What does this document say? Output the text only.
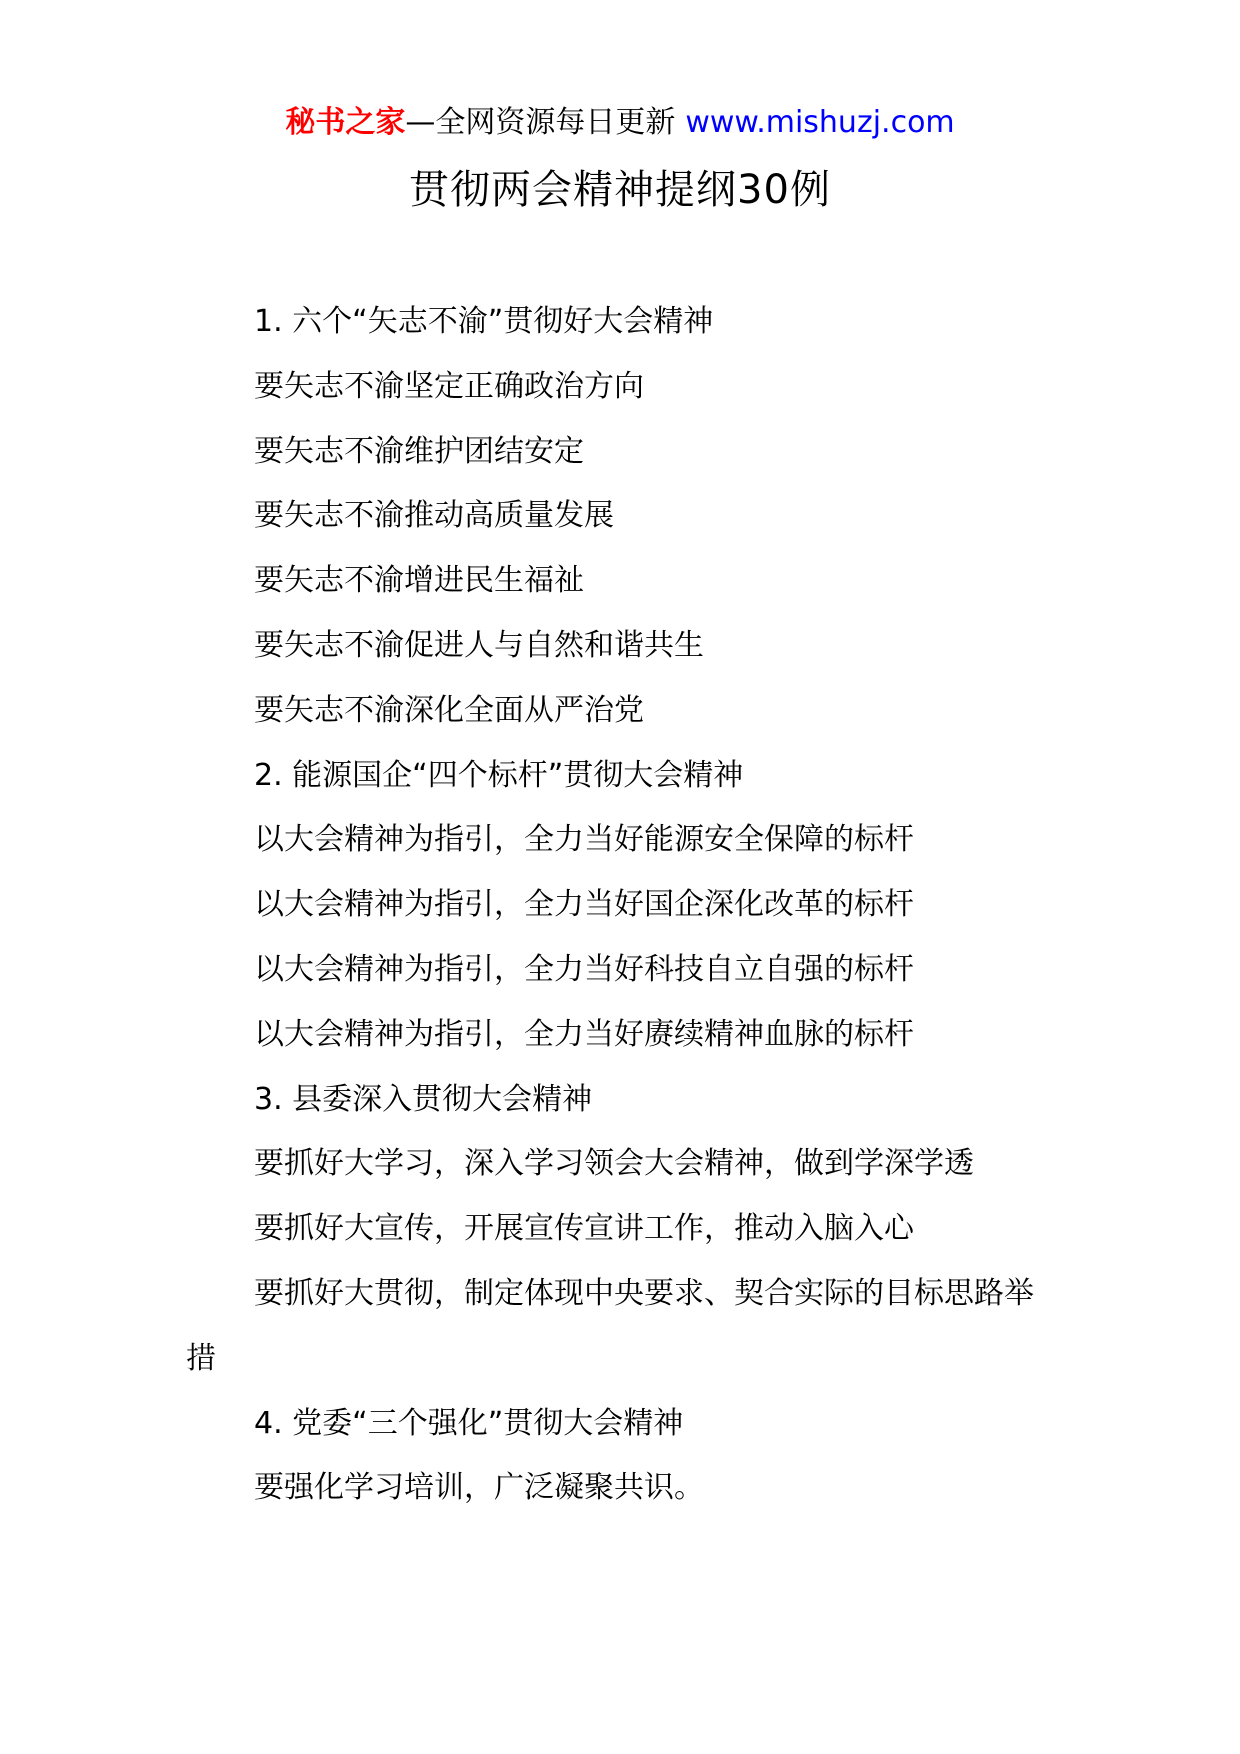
秘书之家—全网资源每日更新 www.mishuzj.com
贯彻两会精神提纲30例

1. 六个“矢志不渝”贯彻好大会精神

要矢志不渝坚定正确政治方向

要矢志不渝维护团结安定

要矢志不渝推动高质量发展

要矢志不渝增进民生福祉

要矢志不渝促进人与自然和谐共生

要矢志不渝深化全面从严治党

2. 能源国企“四个标杆”贯彻大会精神

以大会精神为指引，全力当好能源安全保障的标杆

以大会精神为指引，全力当好国企深化改革的标杆

以大会精神为指引，全力当好科技自立自强的标杆

以大会精神为指引，全力当好赓续精神血脉的标杆

3. 县委深入贯彻大会精神

要抓好大学习，深入学习领会大会精神，做到学深学透

要抓好大宣传，开展宣传宣讲工作，推动入脑入心

要抓好大贯彻，制定体现中央要求、契合实际的目标思路举措

4. 党委“三个强化”贯彻大会精神

要强化学习培训，广泛凝聚共识。
